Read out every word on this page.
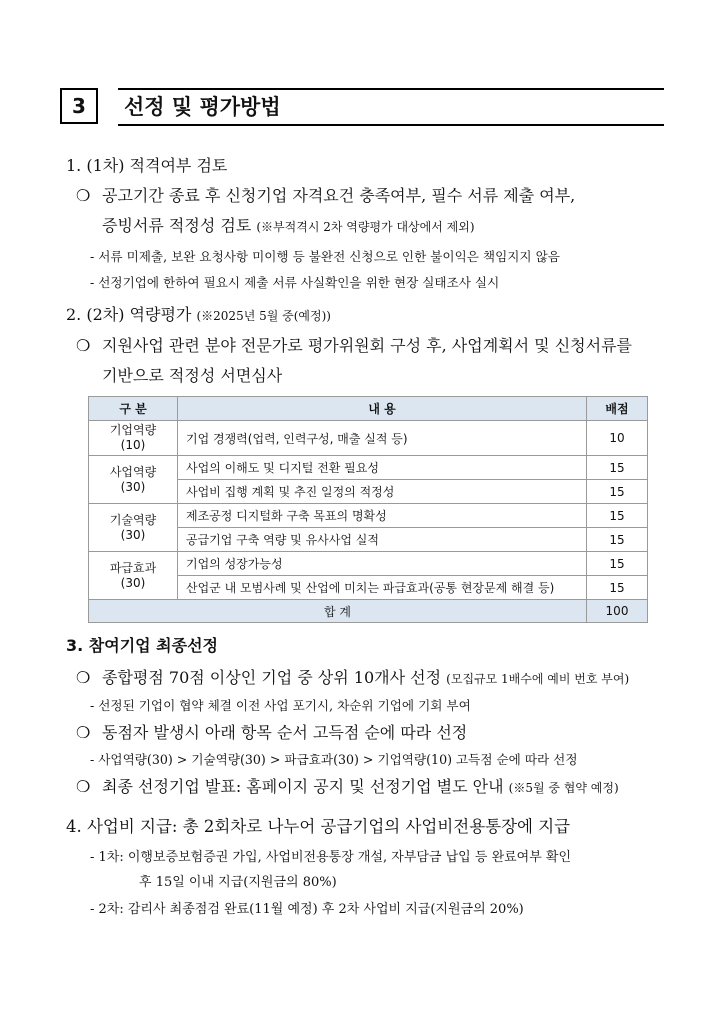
3	선정 및 평가방법
1. (1차) 적격여부 검토
❍ 공고기간 종료 후 신청기업 자격요건 충족여부, 필수 서류 제출 여부,
증빙서류 적정성 검토 (※부적격시 2차 역량평가 대상에서 제외)
- 서류 미제출, 보완 요청사항 미이행 등 불완전 신청으로 인한 불이익은 책임지지 않음
- 선정기업에 한하여 필요시 제출 서류 사실확인을 위한 현장 실태조사 실시
2. (2차) 역량평가 (※2025년 5월 중(예정))
❍ 지원사업 관련 분야 전문가로 평가위원회 구성 후, 사업계획서 및 신청서류를
기반으로 적정성 서면심사
구 분	내 용	배점
기업역량
(10)	기업 경쟁력(업력, 인력구성, 매출 실적 등)	10
사업역량
(30)	사업의 이해도 및 디지털 전환 필요성	15
	사업비 집행 계획 및 추진 일정의 적정성	15
기술역량
(30)	제조공정 디지털화 구축 목표의 명확성	15
	공급기업 구축 역량 및 유사사업 실적	15
파급효과
(30)	기업의 성장가능성	15
	산업군 내 모범사례 및 산업에 미치는 파급효과(공통 현장문제 해결 등)	15
합 계		100
3. 참여기업 최종선정
❍ 종합평점 70점 이상인 기업 중 상위 10개사 선정 (모집규모 1배수에 예비 번호 부여)
- 선정된 기업이 협약 체결 이전 사업 포기시, 차순위 기업에 기회 부여
❍ 동점자 발생시 아래 항목 순서 고득점 순에 따라 선정
- 사업역량(30) > 기술역량(30) > 파급효과(30) > 기업역량(10) 고득점 순에 따라 선정
❍ 최종 선정기업 발표: 홈페이지 공지 및 선정기업 별도 안내 (※5월 중 협약 예정)
4. 사업비 지급: 총 2회차로 나누어 공급기업의 사업비전용통장에 지급
- 1차: 이행보증보험증권 가입, 사업비전용통장 개설, 자부담금 납입 등 완료여부 확인
후 15일 이내 지급(지원금의 80%)
- 2차: 감리사 최종점검 완료(11월 예정) 후 2차 사업비 지급(지원금의 20%)
